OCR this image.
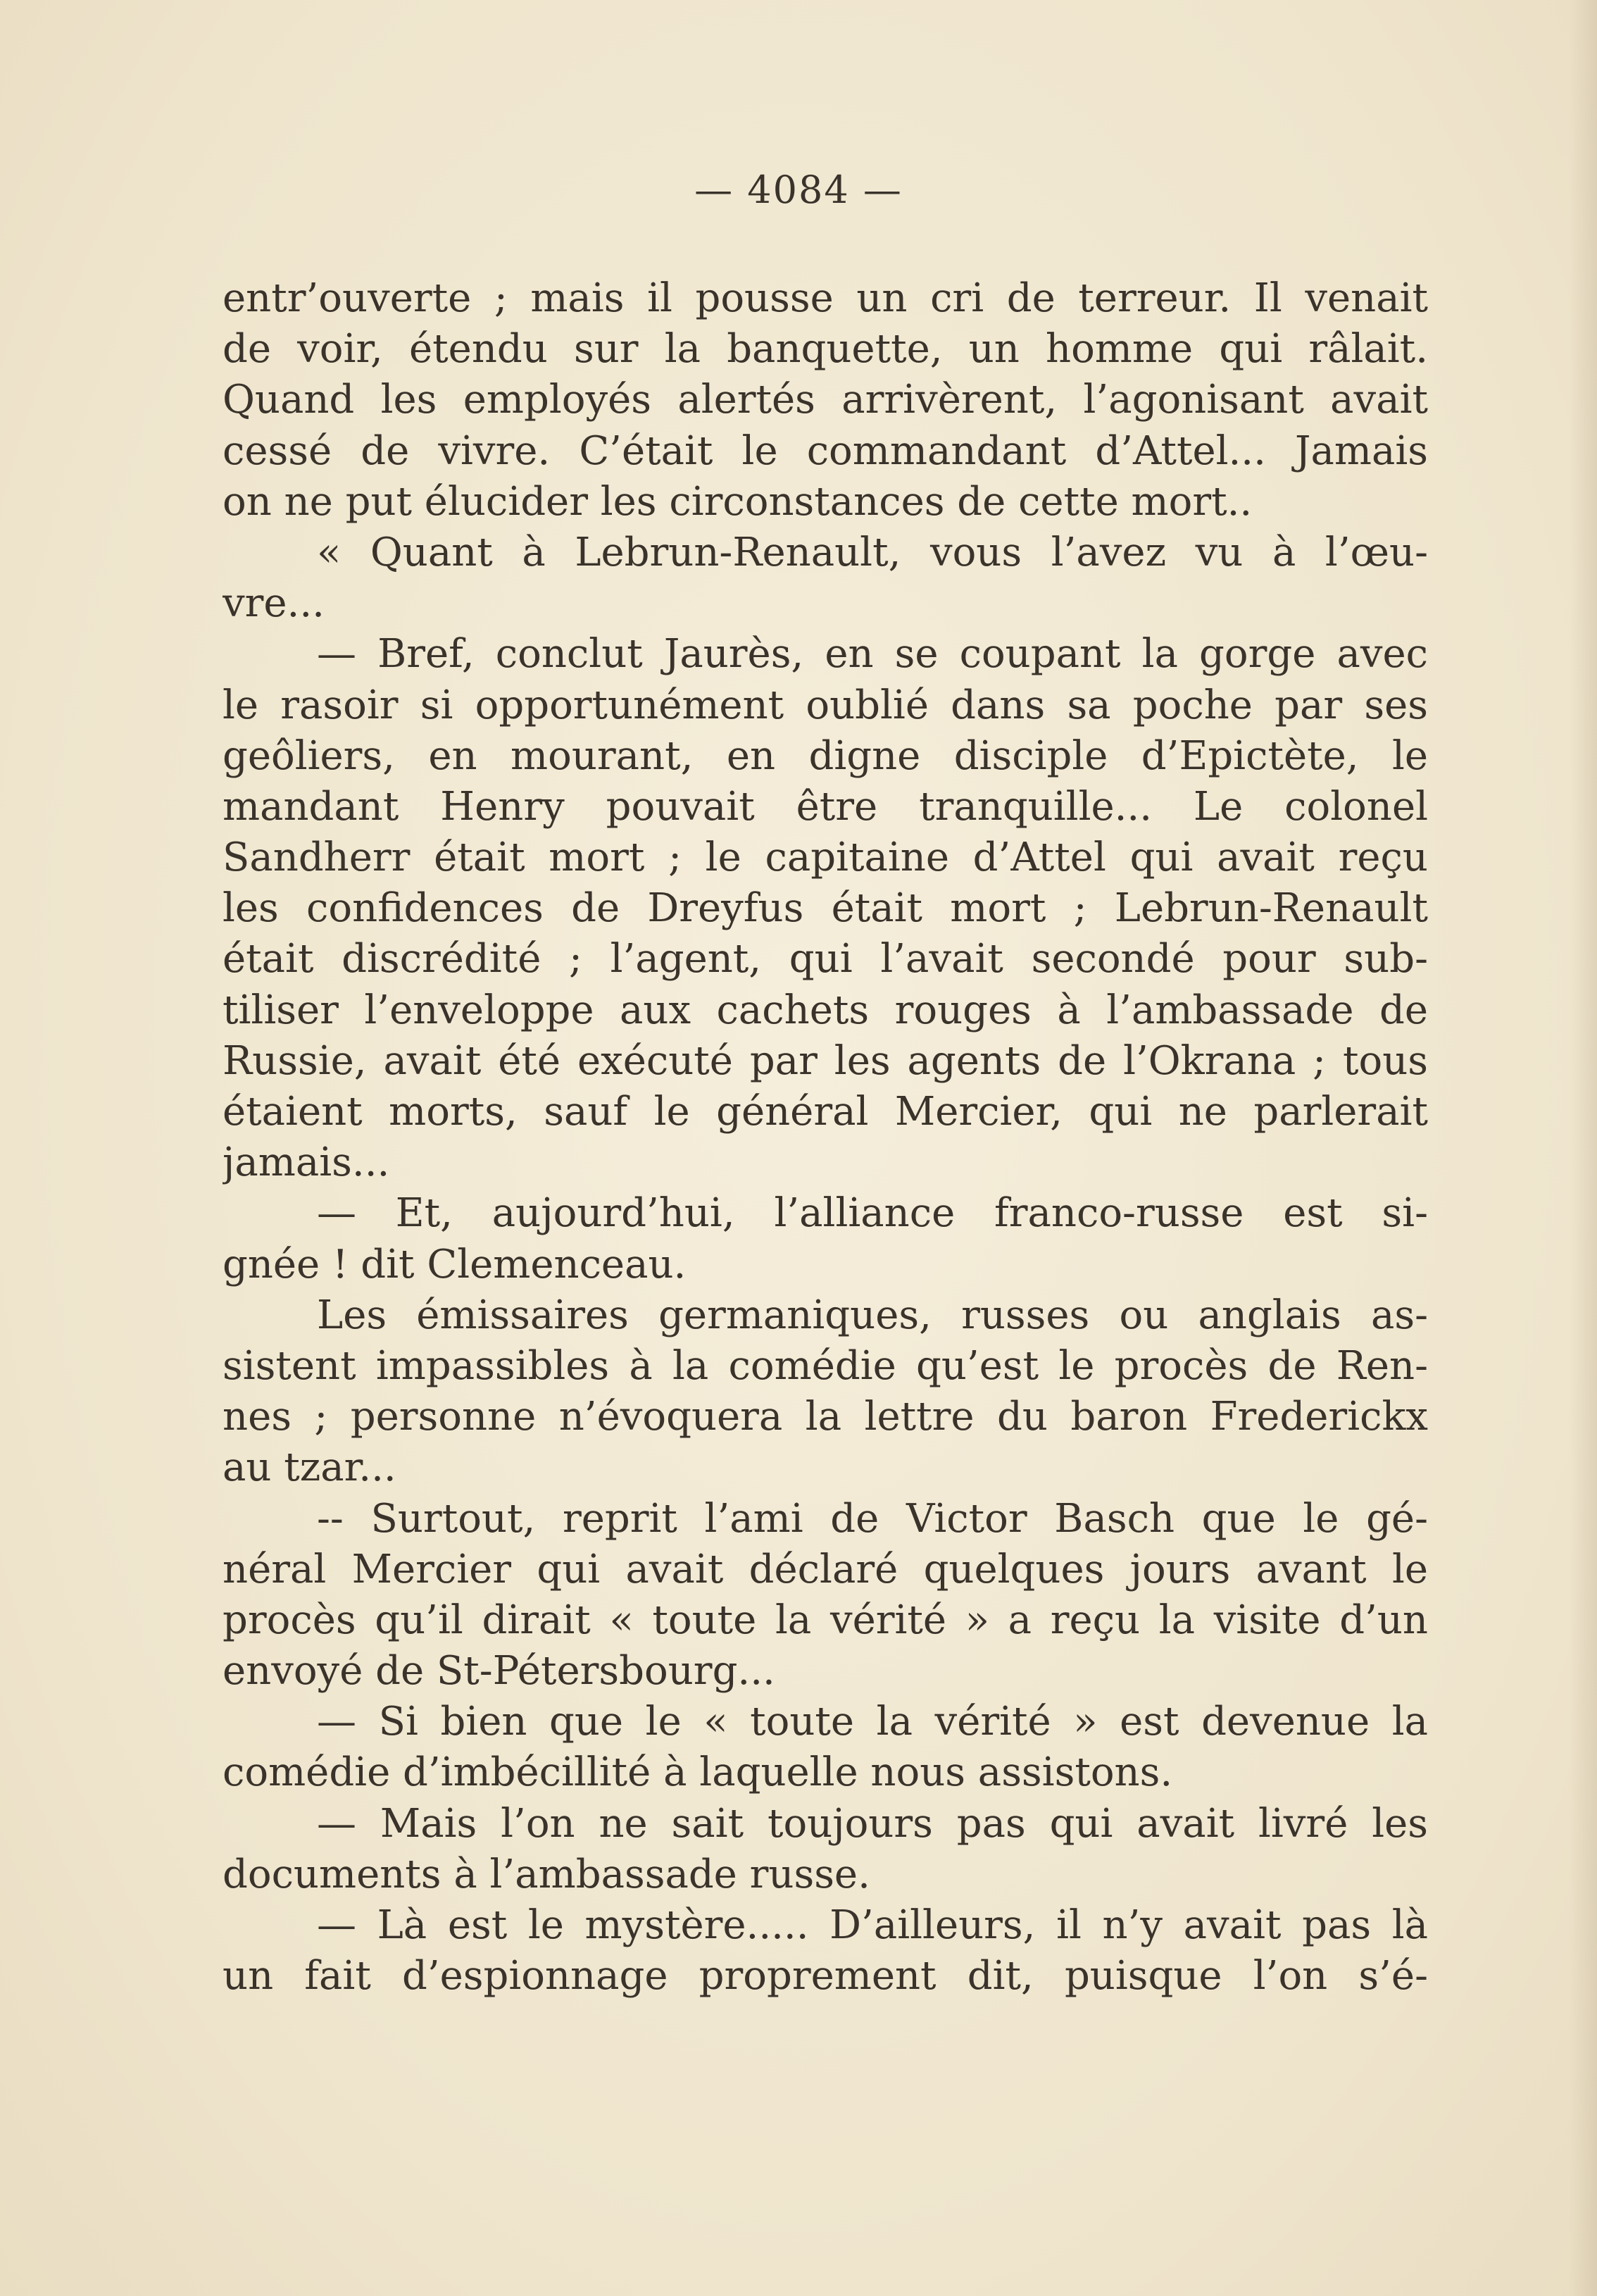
— 4084 —
entr’ouverte ; mais il pousse un cri de terreur. Il venait
de voir, étendu sur la banquette, un homme qui râlait.
Quand les employés alertés arrivèrent, l’agonisant avait
cessé de vivre. C’était le commandant d’Attel... Jamais
on ne put élucider les circonstances de cette mort..
« Quant à Lebrun-Renault, vous l’avez vu à l’œu-
vre...
— Bref, conclut Jaurès, en se coupant la gorge avec
le rasoir si opportunément oublié dans sa poche par ses
geôliers, en mourant, en digne disciple d’Epictète, le
mandant Henry pouvait être tranquille... Le colonel
Sandherr était mort ; le capitaine d’Attel qui avait reçu
les confidences de Dreyfus était mort ; Lebrun-Renault
était discrédité ; l’agent, qui l’avait secondé pour sub-
tiliser l’enveloppe aux cachets rouges à l’ambassade de
Russie, avait été exécuté par les agents de l’Okrana ; tous
étaient morts, sauf le général Mercier, qui ne parlerait
jamais...
— Et, aujourd’hui, l’alliance franco-russe est si-
gnée ! dit Clemenceau.
Les émissaires germaniques, russes ou anglais as-
sistent impassibles à la comédie qu’est le procès de Ren-
nes ; personne n’évoquera la lettre du baron Frederickx
au tzar...
-- Surtout, reprit l’ami de Victor Basch que le gé-
néral Mercier qui avait déclaré quelques jours avant le
procès qu’il dirait « toute la vérité » a reçu la visite d’un
envoyé de St-Pétersbourg...
— Si bien que le « toute la vérité » est devenue la
comédie d’imbécillité à laquelle nous assistons.
— Mais l’on ne sait toujours pas qui avait livré les
documents à l’ambassade russe.
— Là est le mystère..... D’ailleurs, il n’y avait pas là
un fait d’espionnage proprement dit, puisque l’on s’é-
